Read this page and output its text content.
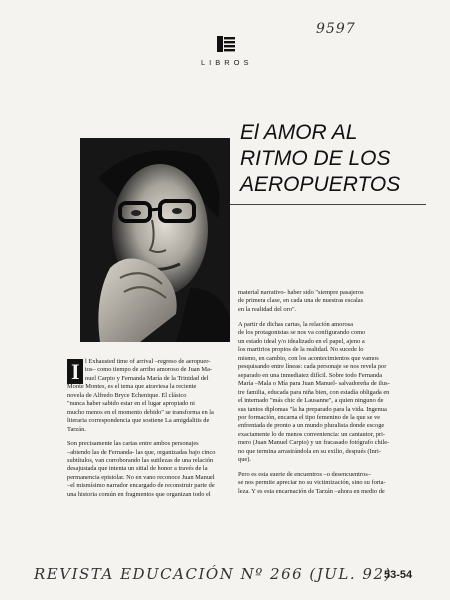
9597
LIBROS
El AMOR AL
RITMO DE LOS
AEROPUERTOS
material narrativo- haber sido "siempre pasajeros
de primera clase, en cada una de nuestras escalas
en la realidad del oro".
A partir de dichas cartas, la relación amorosa
de los protagonistas se nos va configurando como
un estado ideal y/o idealizado en el papel, ajeno a
los martirios propios de la realidad. No sucede lo
mismo, en cambio, con los acontecimientos que vamos
pesquisando entre líneas: cada personaje se nos revela por
separado en una inmediatez difícil. Sobre todo Fernanda
María –Mala o Mía para Juan Manuel- salvadoreña de ilus-
tre familia, educada para niña bien, con estadía obligada en
el internado "más chic de Lausanne", a quien ninguno de
sus tantos diplomas "la ha preparado para la vida. Ingenua
por formación, encarna el tipo femenino de la que se ve
enfrentada de pronto a un mundo pluralista donde escoge
exactamente lo de menos conveniencia: un cantautor, pri-
mero (Juan Manuel Carpio) y un fracasado fotógrafo chile-
no que termina arrastrándola en su exilio, después (Inri-
que).
Pero es esta suerte de encuentros –o desencuentros–
se nos permite apreciar no su victimización, sino su forta-
leza. Y es esta encarnación de Tarzán –ahora en medio de
I l Exhausted time of arrival –regreso de aeropuer-
tos– como tiempo de arribo amoroso de Juan Ma-
nuel Carpio y Fernanda María de la Trinidad del
Monte Montes, es el tema que atraviesa la reciente
novela de Alfredo Bryce Echenique. El clásico
"nunca haber sabido estar en el lugar apropiado ni
mucho menos en el momento debido" se transforma en la
literaria correspondencia que sostiene La amigdalitis de
Tarzán.
Son precisamente las cartas entre ambos personajes
–abiendo las de Fernanda- las que, organizadas bajo cinco
subtítulos, van corroborando las sutilezas de una relación
desajustada que intenta un sitial de honor a través de la
permanencia epistolar. No en vano reconoce Juan Manuel
–el mismísimo narrador encargado de reconstruir parte de
una historia común en fragmentos que organizan todo el
REVISTA EDUCACIÓN Nº 266 (JUL. 92)
53-54
